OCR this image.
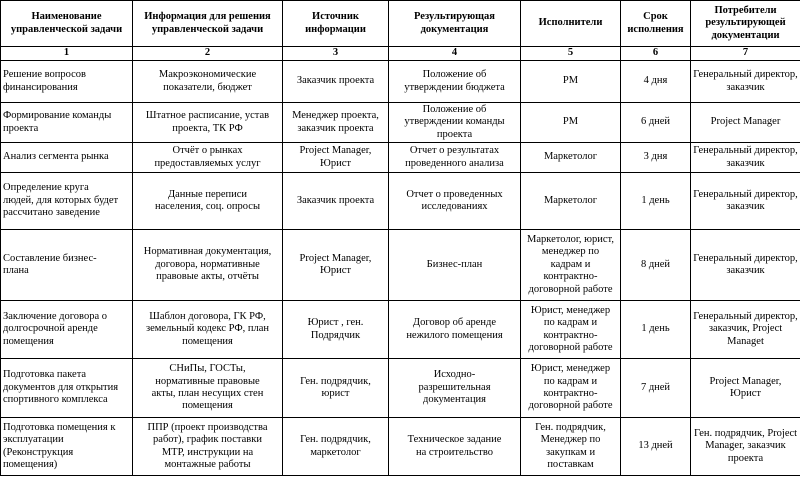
Наименование
управленческой задачи	Информация для решения
управленческой задачи	Источник
информации	Результирующая
документация	Исполнители	Срок
исполнения	Потребители
результирующей
документации

1	2	3	4	5	6	7

Решение вопросов
финансирования	Макроэкономические
показатели, бюджет	Заказчик проекта	Положение об
утверждении бюджета	PM	4 дня	Генеральный директор,
заказчик

Формирование команды
проекта	Штатное расписание, устав
проекта, ТК РФ	Менеджер проекта,
заказчик проекта	Положение об
утверждении команды
проекта	PM	6 дней	Project Manager

Анализ сегмента рынка	Отчёт о рынках
предоставляемых услуг	Project Manager,
Юрист	Отчет о результатах
проведенного анализа	Маркетолог	3 дня	Генеральный директор,
заказчик

Определение круга
людей, для которых будет
рассчитано заведение	Данные переписи
населения, соц. опросы	Заказчик проекта	Отчет о проведенных
исследованиях	Маркетолог	1 день	Генеральный директор,
заказчик

Составление бизнес-
плана	Нормативная документация,
договора, нормативные
правовые акты, отчёты	Project Manager,
Юрист	Бизнес-план	Маркетолог, юрист,
менеджер по
кадрам и
контрактно-
договорной работе	8 дней	Генеральный директор,
заказчик

Заключение договора о
долгосрочной аренде
помещения	Шаблон договора, ГК РФ,
земельный кодекс РФ, план
помещения	Юрист , ген.
Подрядчик	Договор об аренде
нежилого помещения	Юрист, менеджер
по кадрам и
контрактно-
договорной работе	1 день	Генеральный директор,
заказчик, Project
Managet

Подготовка пакета
документов для открытия
спортивного комплекса	СНиПы, ГОСТы,
нормативные правовые
акты, план несущих стен
помещения	Ген. подрядчик,
юрист	Исходно-
разрешительная
документация	Юрист, менеджер
по кадрам и
контрактно-
договорной работе	7 дней	Project Manager, Юрист

Подготовка помещения к
эксплуатации
(Реконструкция
помещения)	ППР (проект производства
работ), график поставки
МТР, инструкции на
монтажные работы	Ген. подрядчик,
маркетолог	Техническое задание
на строительство	Ген. подрядчик,
Менеджер по
закупкам и
поставкам	13 дней	Ген. подрядчик, Project
Manager, заказчик
проекта
